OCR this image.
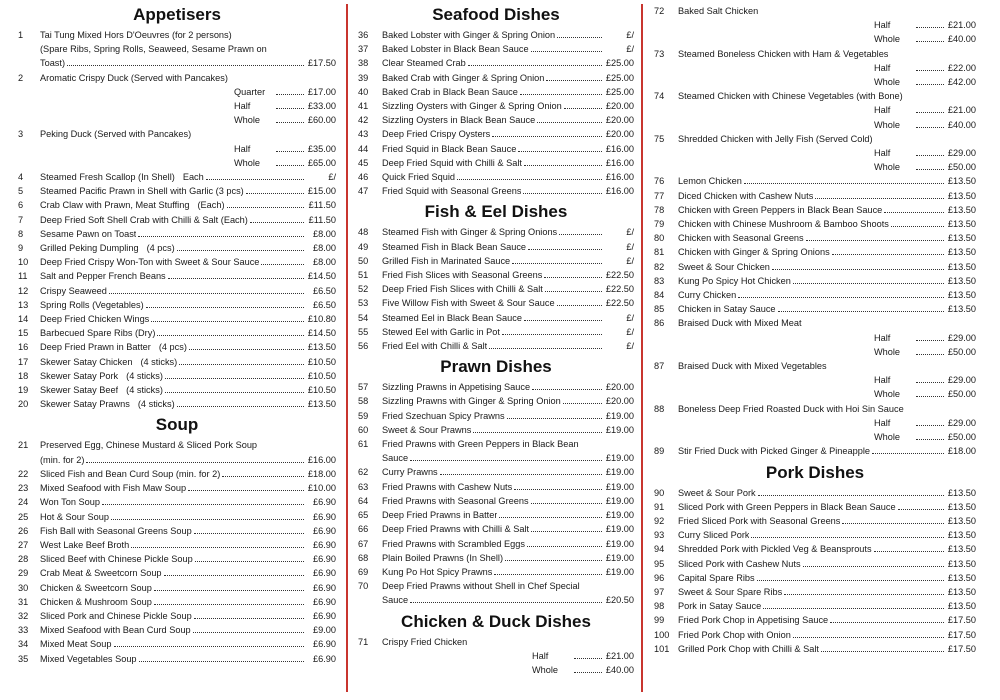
Appetisers
1	Tai Tung Mixed Hors D'Oeuvres (for 2 persons)
(Spare Ribs, Spring Rolls, Seaweed, Sesame Prawn on
Toast)	£17.50
2	Aromatic Crispy Duck (Served with Pancakes)
Quarter	£17.00
Half	£33.00
Whole	£60.00
3	Peking Duck (Served with Pancakes)
Half	£35.00
Whole	£65.00
4	Steamed Fresh Scallop (In Shell) Each	£/
5	Steamed Pacific Prawn in Shell with Garlic (3 pcs)	£15.00
6	Crab Claw with Prawn, Meat Stuffing (Each)	£11.50
7	Deep Fried Soft Shell Crab with Chilli & Salt (Each)	£11.50
8	Sesame Pawn on Toast	£8.00
9	Grilled Peking Dumpling (4 pcs)	£8.00
10	Deep Fried Crispy Won-Ton with Sweet & Sour Sauce	£8.00
11	Salt and Pepper French Beans	£14.50
12	Crispy Seaweed	£6.50
13	Spring Rolls (Vegetables)	£6.50
14	Deep Fried Chicken Wings	£10.80
15	Barbecued Spare Ribs (Dry)	£14.50
16	Deep Fried Prawn in Batter (4 pcs)	£13.50
17	Skewer Satay Chicken (4 sticks)	£10.50
18	Skewer Satay Pork (4 sticks)	£10.50
19	Skewer Satay Beef (4 sticks)	£10.50
20	Skewer Satay Prawns (4 sticks)	£13.50
Soup
21	Preserved Egg, Chinese Mustard & Sliced Pork Soup
(min. for 2)	£16.00
22	Sliced Fish and Bean Curd Soup (min. for 2)	£18.00
23	Mixed Seafood with Fish Maw Soup	£10.00
24	Won Ton Soup	£6.90
25	Hot & Sour Soup	£6.90
26	Fish Ball with Seasonal Greens Soup	£6.90
27	West Lake Beef Broth	£6.90
28	Sliced Beef with Chinese Pickle Soup	£6.90
29	Crab Meat & Sweetcorn Soup	£6.90
30	Chicken & Sweetcorn Soup	£6.90
31	Chicken & Mushroom Soup	£6.90
32	Sliced Pork and Chinese Pickle Soup	£6.90
33	Mixed Seafood with Bean Curd Soup	£9.00
34	Mixed Meat Soup	£6.90
35	Mixed Vegetables Soup	£6.90
Seafood Dishes
36	Baked Lobster with Ginger & Spring Onion	£/
37	Baked Lobster in Black Bean Sauce	£/
38	Clear Steamed Crab	£25.00
39	Baked Crab with Ginger & Spring Onion	£25.00
40	Baked Crab in Black Bean Sauce	£25.00
41	Sizzling Oysters with Ginger & Spring Onion	£20.00
42	Sizzling Oysters in Black Bean Sauce	£20.00
43	Deep Fried Crispy Oysters	£20.00
44	Fried Squid in Black Bean Sauce	£16.00
45	Deep Fried Squid with Chilli & Salt	£16.00
46	Quick Fried Squid	£16.00
47	Fried Squid with Seasonal Greens	£16.00
Fish & Eel Dishes
48	Steamed Fish with Ginger & Spring Onions	£/
49	Steamed Fish in Black Bean Sauce	£/
50	Grilled Fish in Marinated Sauce	£/
51	Fried Fish Slices with Seasonal Greens	£22.50
52	Deep Fried Fish Slices with Chilli & Salt	£22.50
53	Five Willow Fish with Sweet & Sour Sauce	£22.50
54	Steamed Eel in Black Bean Sauce	£/
55	Stewed Eel with Garlic in Pot	£/
56	Fried Eel with Chilli & Salt	£/
Prawn Dishes
57	Sizzling Prawns in Appetising Sauce	£20.00
58	Sizzling Prawns with Ginger & Spring Onion	£20.00
59	Fried Szechuan Spicy Prawns	£19.00
60	Sweet & Sour Prawns	£19.00
61	Fried Prawns with Green Peppers in Black Bean
Sauce	£19.00
62	Curry Prawns	£19.00
63	Fried Prawns with Cashew Nuts	£19.00
64	Fried Prawns with Seasonal Greens	£19.00
65	Deep Fried Prawns in Batter	£19.00
66	Deep Fried Prawns with Chilli & Salt	£19.00
67	Fried Prawns with Scrambled Eggs	£19.00
68	Plain Boiled Prawns (In Shell)	£19.00
69	Kung Po Hot Spicy Prawns	£19.00
70	Deep Fried Prawns without Shell in Chef Special
Sauce	£20.50
Chicken & Duck Dishes
71	Crispy Fried Chicken
Half	£21.00
Whole	£40.00
72	Baked Salt Chicken
Half	£21.00
Whole	£40.00
73	Steamed Boneless Chicken with Ham & Vegetables
Half	£22.00
Whole	£42.00
74	Steamed Chicken with Chinese Vegetables (with Bone)
Half	£21.00
Whole	£40.00
75	Shredded Chicken with Jelly Fish (Served Cold)
Half	£29.00
Whole	£50.00
76	Lemon Chicken	£13.50
77	Diced Chicken with Cashew Nuts	£13.50
78	Chicken with Green Peppers in Black Bean Sauce	£13.50
79	Chicken with Chinese Mushroom & Bamboo Shoots	£13.50
80	Chicken with Seasonal Greens	£13.50
81	Chicken with Ginger & Spring Onions	£13.50
82	Sweet & Sour Chicken	£13.50
83	Kung Po Spicy Hot Chicken	£13.50
84	Curry Chicken	£13.50
85	Chicken in Satay Sauce	£13.50
86	Braised Duck with Mixed Meat
Half	£29.00
Whole	£50.00
87	Braised Duck with Mixed Vegetables
Half	£29.00
Whole	£50.00
88	Boneless Deep Fried Roasted Duck with Hoi Sin Sauce
Half	£29.00
Whole	£50.00
89	Stir Fried Duck with Picked Ginger & Pineapple	£18.00
Pork Dishes
90	Sweet & Sour Pork	£13.50
91	Sliced Pork with Green Peppers in Black Bean Sauce	£13.50
92	Fried Sliced Pork with Seasonal Greens	£13.50
93	Curry Sliced Pork	£13.50
94	Shredded Pork with Pickled Veg & Beansprouts	£13.50
95	Sliced Pork with Cashew Nuts	£13.50
96	Capital Spare Ribs	£13.50
97	Sweet & Sour Spare Ribs	£13.50
98	Pork in Satay Sauce	£13.50
99	Fried Pork Chop in Appetising Sauce	£17.50
100 Fried Pork Chop with Onion	£17.50
101 Grilled Pork Chop with Chilli & Salt	£17.50
